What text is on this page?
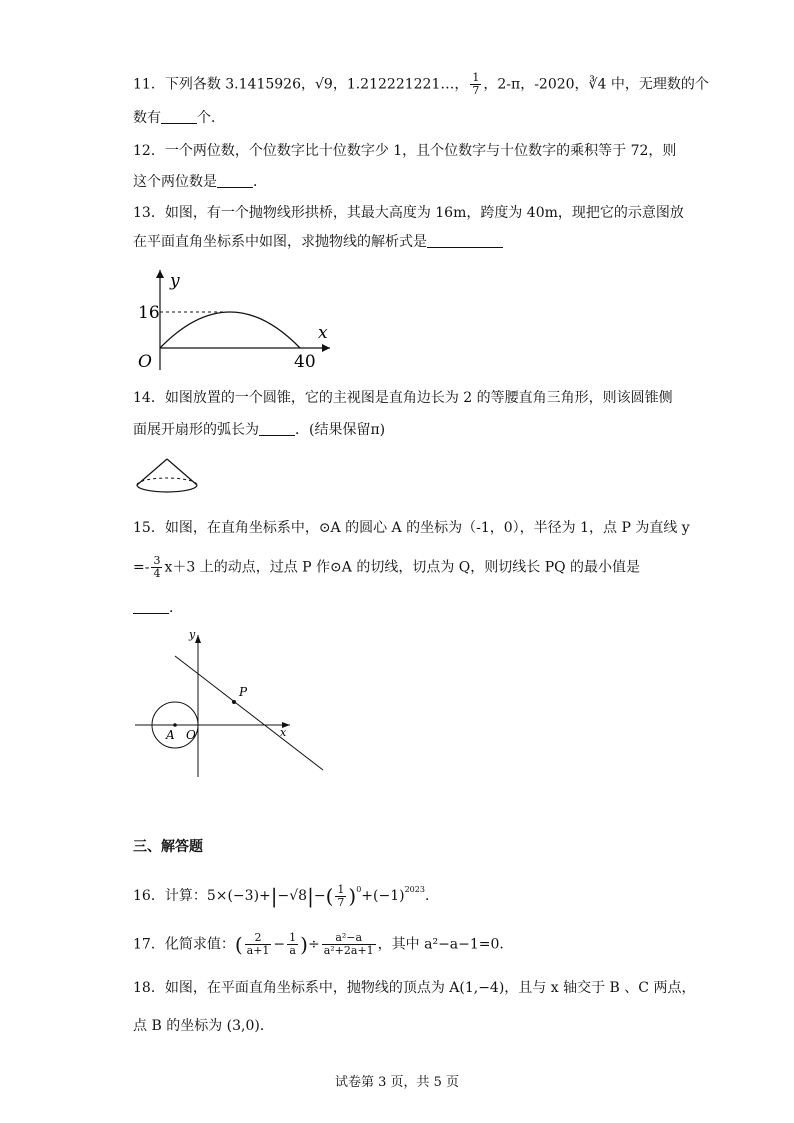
11．下列各数 3.1415926，√9，1.212221221…， $\frac{1}{7}$ ，2-π，-2020，∛4 中，无理数的个
数有	个．
12．一个两位数，个位数字比十位数字少 1，且个位数字与十位数字的乘积等于 72，则
这个两位数是	．
13．如图，有一个抛物线形拱桥，其最大高度为 16m，跨度为 40m，现把它的示意图放
在平面直角坐标系中如图，求抛物线的解析式是
y
x
16
O	40
14．如图放置的一个圆锥，它的主视图是直角边长为 2 的等腰直角三角形，则该圆锥侧
面展开扇形的弧长为	．(结果保留π)
15．如图，在直角坐标系中，⊙A 的圆心 A 的坐标为（-1，0），半径为 1，点 P 为直线 y
=- $\frac{3}{4} x+3$ 上的动点，过点 P 作⊙A 的切线，切点为 Q，则切线长 PQ 的最小值是
．
y
x
A O
P
三、解答题
16．计算：$5\times(-3)+|-√8|-( \frac{1}{7} )^0+(-1)^{2023}$．
17．化简求值：( $\frac{2}{a+1} - \frac{1}{a}$ )÷ $\frac{\text{a²−a}}{\text{a²+2a+1}}$ ，其中 a²−a−1=0．
18．如图，在平面直角坐标系中，抛物线的顶点为 A(1,−4)，且与 x 轴交于 B 、C 两点，
点 B 的坐标为 (3,0)．
试卷第 3 页，共 5 页
